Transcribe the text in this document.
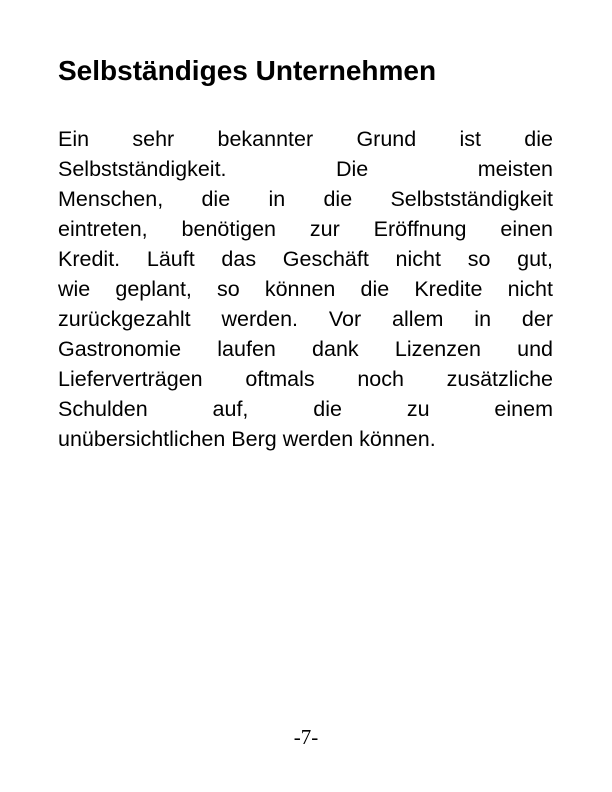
Selbständiges Unternehmen
Ein sehr bekannter Grund ist die
Selbstständigkeit. Die meisten
Menschen, die in die Selbstständigkeit
eintreten, benötigen zur Eröffnung einen
Kredit. Läuft das Geschäft nicht so gut,
wie geplant, so können die Kredite nicht
zurückgezahlt werden. Vor allem in der
Gastronomie laufen dank Lizenzen und
Lieferverträgen oftmals noch zusätzliche
Schulden auf, die zu einem
unübersichtlichen Berg werden können.
-7-
